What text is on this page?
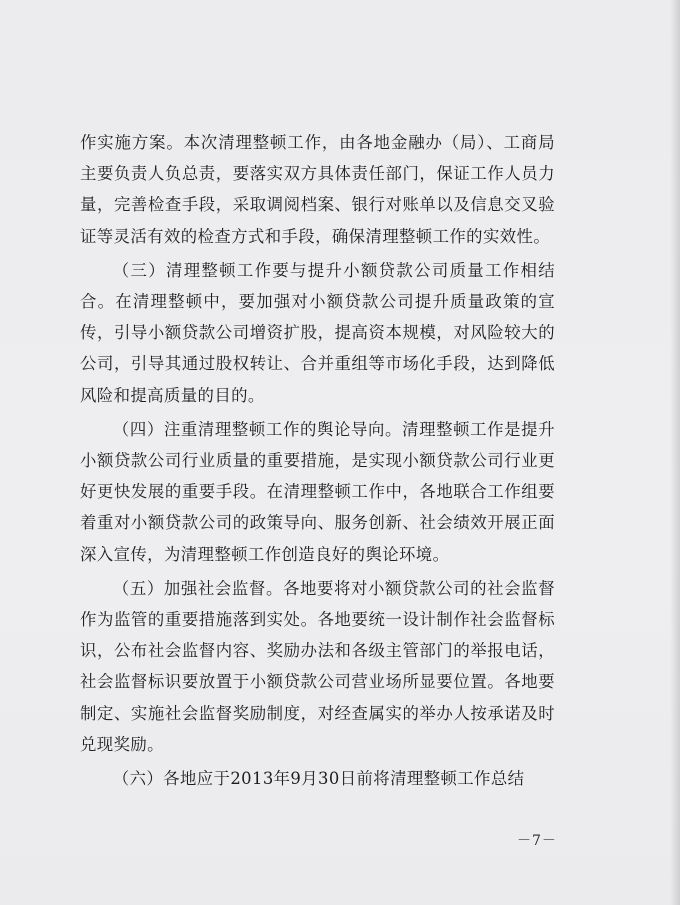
作实施方案。本次清理整顿工作，由各地金融办（局）、工商局主要负责人负总责，要落实双方具体责任部门，保证工作人员力量，完善检查手段，采取调阅档案、银行对账单以及信息交叉验证等灵活有效的检查方式和手段，确保清理整顿工作的实效性。

（三）清理整顿工作要与提升小额贷款公司质量工作相结合。在清理整顿中，要加强对小额贷款公司提升质量政策的宣传，引导小额贷款公司增资扩股，提高资本规模，对风险较大的公司，引导其通过股权转让、合并重组等市场化手段，达到降低风险和提高质量的目的。

（四）注重清理整顿工作的舆论导向。清理整顿工作是提升小额贷款公司行业质量的重要措施，是实现小额贷款公司行业更好更快发展的重要手段。在清理整顿工作中，各地联合工作组要着重对小额贷款公司的政策导向、服务创新、社会绩效开展正面深入宣传，为清理整顿工作创造良好的舆论环境。

（五）加强社会监督。各地要将对小额贷款公司的社会监督作为监管的重要措施落到实处。各地要统一设计制作社会监督标识，公布社会监督内容、奖励办法和各级主管部门的举报电话，社会监督标识要放置于小额贷款公司营业场所显要位置。各地要制定、实施社会监督奖励制度，对经查属实的举办人按承诺及时兑现奖励。

（六）各地应于2013年9月30日前将清理整顿工作总结

－7－
